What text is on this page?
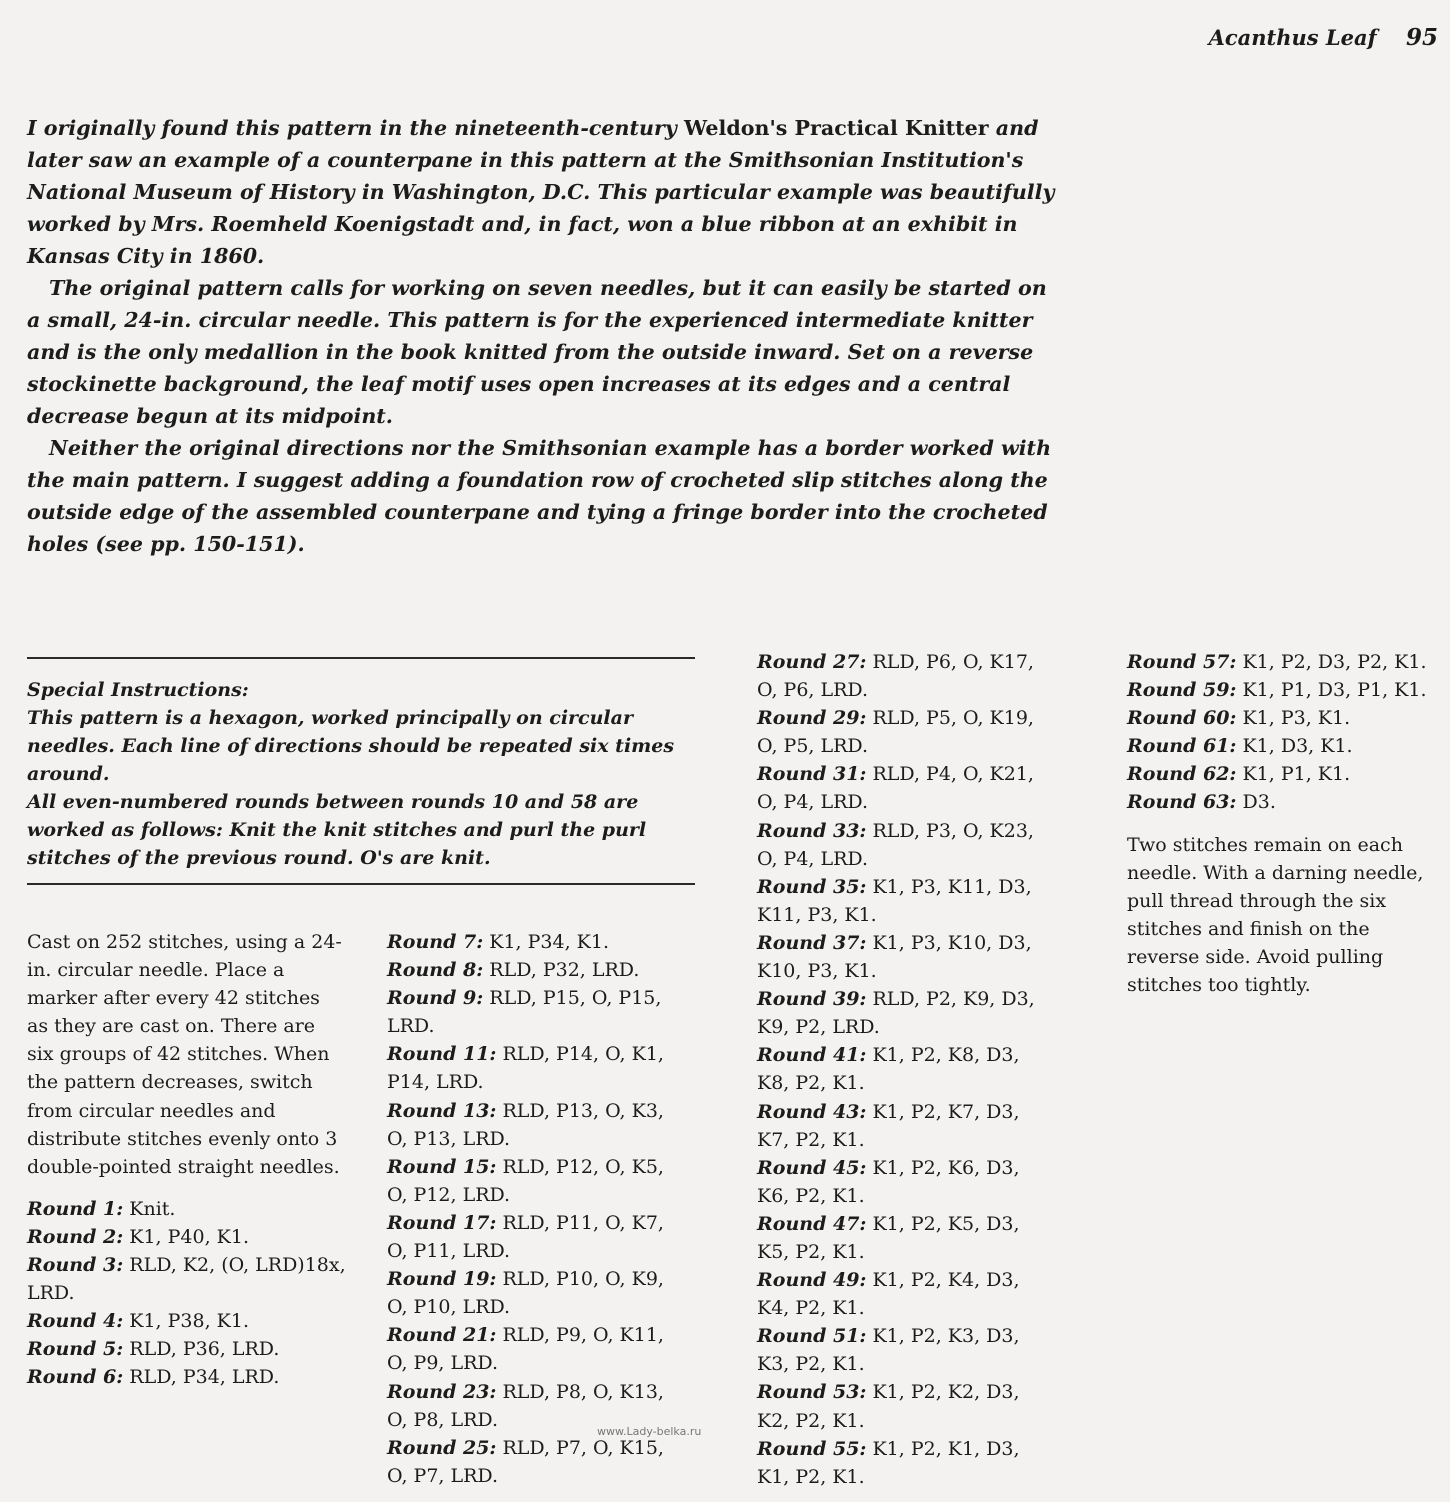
Acanthus Leaf 95

I originally found this pattern in the nineteenth-century Weldon's Practical Knitter and later saw an example of a counterpane in this pattern at the Smithsonian Institution's National Museum of History in Washington, D.C. This particular example was beautifully worked by Mrs. Roemheld Koenigstadt and, in fact, won a blue ribbon at an exhibit in Kansas City in 1860.

The original pattern calls for working on seven needles, but it can easily be started on a small, 24-in. circular needle. This pattern is for the experienced intermediate knitter and is the only medallion in the book knitted from the outside inward. Set on a reverse stockinette background, the leaf motif uses open increases at its edges and a central decrease begun at its midpoint.

Neither the original directions nor the Smithsonian example has a border worked with the main pattern. I suggest adding a foundation row of crocheted slip stitches along the outside edge of the assembled counterpane and tying a fringe border into the crocheted holes (see pp. 150-151).

Special Instructions:

This pattern is a hexagon, worked principally on circular needles. Each line of directions should be repeated six times around.

All even-numbered rounds between rounds 10 and 58 are worked as follows: Knit the knit stitches and purl the purl stitches of the previous round. O's are knit.

Cast on 252 stitches, using a 24-in. circular needle. Place a marker after every 42 stitches as they are cast on. There are six groups of 42 stitches. When the pattern decreases, switch from circular needles and distribute stitches evenly onto 3 double-pointed straight needles.

Round 1: Knit.

Round 2: K1, P40, K1.

Round 3: RLD, K2, (O, LRD)18x, LRD.

Round 4: K1, P38, K1.

Round 5: RLD, P36, LRD.

Round 6: RLD, P34, LRD.

Round 7: K1, P34, K1.

Round 8: RLD, P32, LRD.

Round 9: RLD, P15, O, P15, LRD.

Round 11: RLD, P14, O, K1, P14, LRD.

Round 13: RLD, P13, O, K3, O, P13, LRD.

Round 15: RLD, P12, O, K5, O, P12, LRD.

Round 17: RLD, P11, O, K7, O, P11, LRD.

Round 19: RLD, P10, O, K9, O, P10, LRD.

Round 21: RLD, P9, O, K11, O, P9, LRD.

Round 23: RLD, P8, O, K13, O, P8, LRD.

Round 25: RLD, P7, O, K15, O, P7, LRD.

Round 27: RLD, P6, O, K17, O, P6, LRD.

Round 29: RLD, P5, O, K19, O, P5, LRD.

Round 31: RLD, P4, O, K21, O, P4, LRD.

Round 33: RLD, P3, O, K23, O, P4, LRD.

Round 35: K1, P3, K11, D3, K11, P3, K1.

Round 37: K1, P3, K10, D3, K10, P3, K1.

Round 39: RLD, P2, K9, D3, K9, P2, LRD.

Round 41: K1, P2, K8, D3, K8, P2, K1.

Round 43: K1, P2, K7, D3, K7, P2, K1.

Round 45: K1, P2, K6, D3, K6, P2, K1.

Round 47: K1, P2, K5, D3, K5, P2, K1.

Round 49: K1, P2, K4, D3, K4, P2, K1.

Round 51: K1, P2, K3, D3, K3, P2, K1.

Round 53: K1, P2, K2, D3, K2, P2, K1.

Round 55: K1, P2, K1, D3, K1, P2, K1.

Round 57: K1, P2, D3, P2, K1.

Round 59: K1, P1, D3, P1, K1.

Round 60: K1, P3, K1.

Round 61: K1, D3, K1.

Round 62: K1, P1, K1.

Round 63: D3.

Two stitches remain on each needle. With a darning needle, pull thread through the six stitches and finish on the reverse side. Avoid pulling stitches too tightly.

www.Lady-belka.ru
